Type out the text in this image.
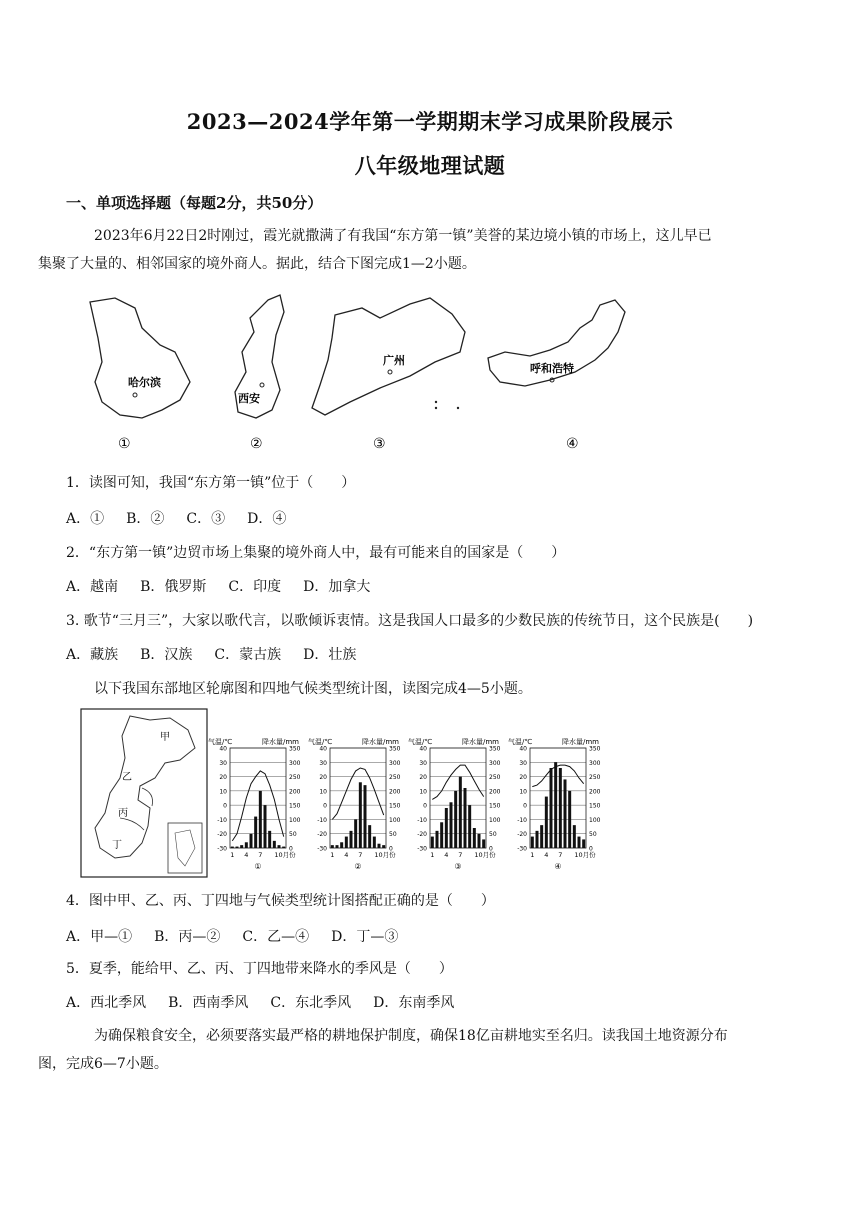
2023—2024学年第一学期期末学习成果阶段展示
八年级地理试题
一、单项选择题（每题2分，共50分）
2023年6月22日2时刚过，霞光就撒满了有我国“东方第一镇”美誉的某边境小镇的市场上，这儿早已
集聚了大量的、相邻国家的境外商人。据此，结合下图完成1—2小题。
哈尔滨
①
西安
②
广州
③
呼和浩特
④
1．读图可知，我国“东方第一镇”位于（　　）
A．① B．② C．③ D．④
2．“东方第一镇”边贸市场上集聚的境外商人中，最有可能来自的国家是（　　）
A．越南 B．俄罗斯 C．印度 D．加拿大
3. 歌节“三月三”，大家以歌代言，以歌倾诉衷情。这是我国人口最多的少数民族的传统节日，这个民族是(　　)
A．藏族 B．汉族 C．蒙古族 D．壮族
以下我国东部地区轮廓图和四地气候类型统计图，读图完成4—5小题。
甲
乙
丙
丁
气温/℃	降水量/mm
40	350
30	300
20	250
10	200
0	150
-10	100
-20	50
-30	0
1 4 7 10月份
①
气温/℃	降水量/mm
40	350
30	300
20	250
10	200
0	150
-10	100
-20	50
-30	0
1 4 7 10月份
②
气温/℃	降水量/mm
40	350
30	300
20	250
10	200
0	150
-10	100
-20	50
-30	0
1 4 7 10月份
③
气温/℃	降水量/mm
40	350
30	300
20	250
10	200
0	150
-10	100
-20	50
-30	0
1 4 7 10月份
④
4．图中甲、乙、丙、丁四地与气候类型统计图搭配正确的是（　　）
A．甲—① B．丙—② C．乙—④ D．丁—③
5．夏季，能给甲、乙、丙、丁四地带来降水的季风是（　　）
A．西北季风 B．西南季风 C．东北季风 D．东南季风
为确保粮食安全，必须要落实最严格的耕地保护制度，确保18亿亩耕地实至名归。读我国土地资源分布
图，完成6—7小题。
